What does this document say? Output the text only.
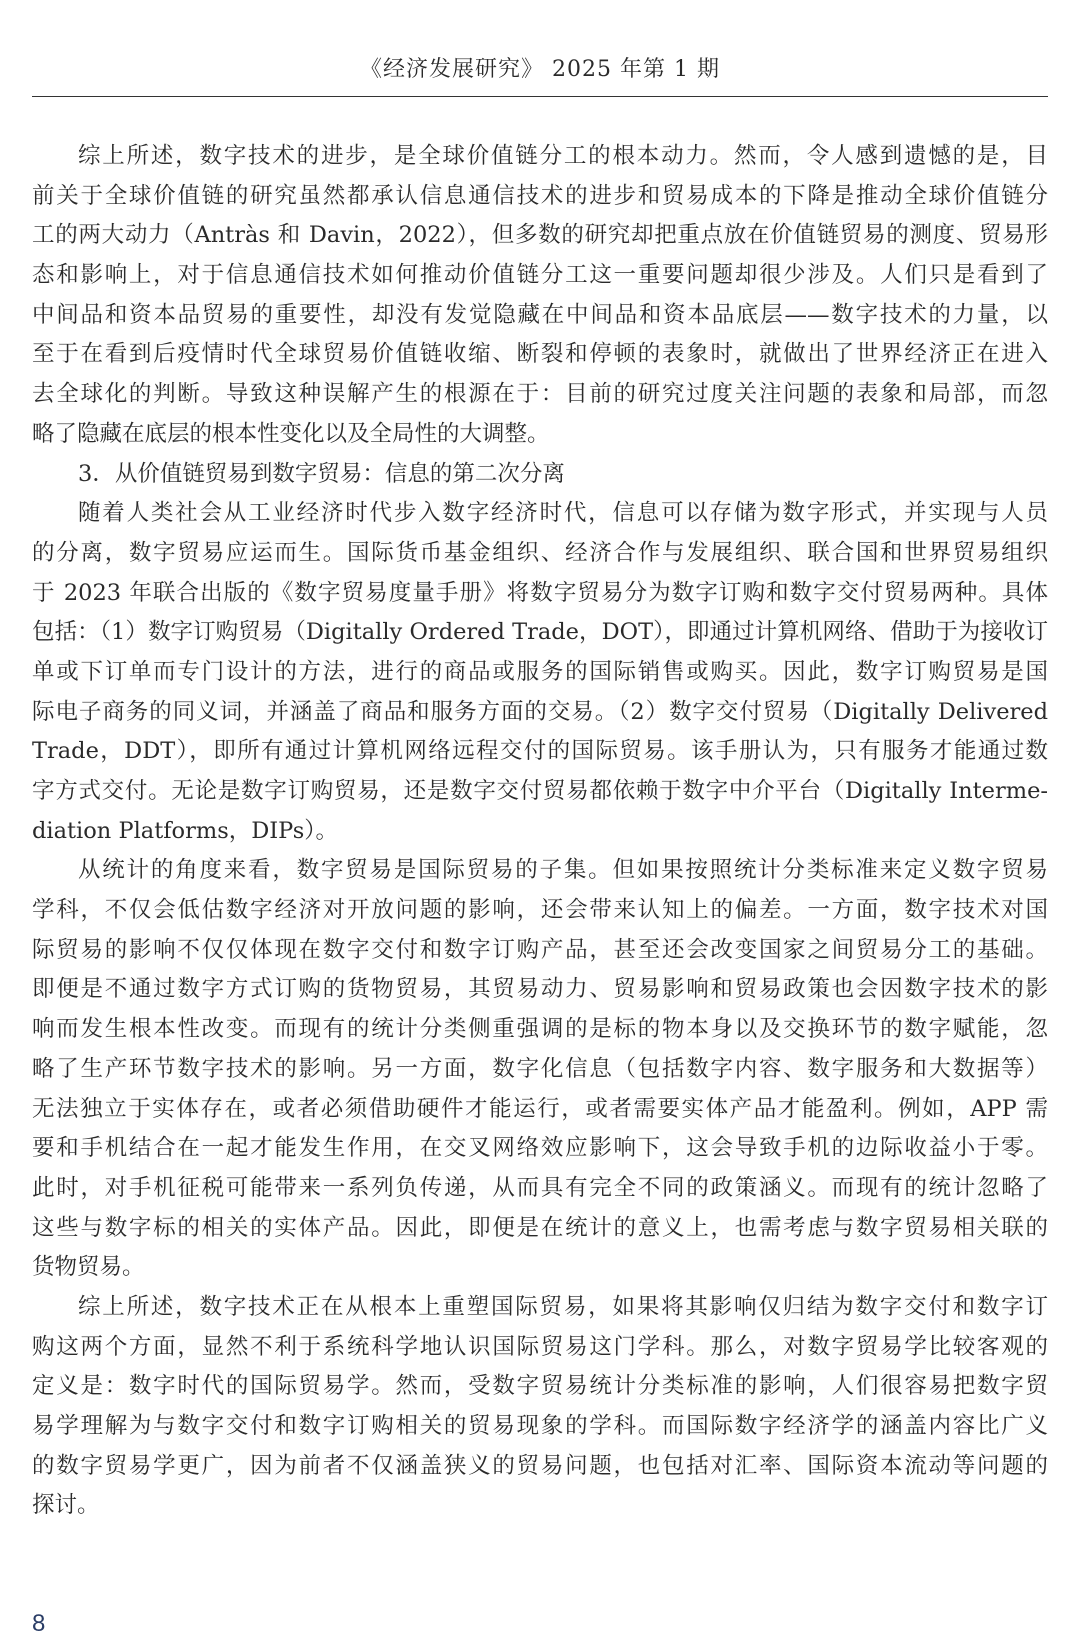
《经济发展研究》 2025 年第 1 期
综上所述，数字技术的进步，是全球价值链分工的根本动力。然而，令人感到遗憾的是，目
前关于全球价值链的研究虽然都承认信息通信技术的进步和贸易成本的下降是推动全球价值链分
工的两大动力（Antràs 和 Davin，2022），但多数的研究却把重点放在价值链贸易的测度、贸易形
态和影响上，对于信息通信技术如何推动价值链分工这一重要问题却很少涉及。人们只是看到了
中间品和资本品贸易的重要性，却没有发觉隐藏在中间品和资本品底层——数字技术的力量，以
至于在看到后疫情时代全球贸易价值链收缩、断裂和停顿的表象时，就做出了世界经济正在进入
去全球化的判断。导致这种误解产生的根源在于：目前的研究过度关注问题的表象和局部，而忽
略了隐藏在底层的根本性变化以及全局性的大调整。
3．从价值链贸易到数字贸易：信息的第二次分离
随着人类社会从工业经济时代步入数字经济时代，信息可以存储为数字形式，并实现与人员
的分离，数字贸易应运而生。国际货币基金组织、经济合作与发展组织、联合国和世界贸易组织
于 2023 年联合出版的《数字贸易度量手册》将数字贸易分为数字订购和数字交付贸易两种。具体
包括：（1）数字订购贸易（Digitally Ordered Trade，DOT），即通过计算机网络、借助于为接收订
单或下订单而专门设计的方法，进行的商品或服务的国际销售或购买。因此，数字订购贸易是国
际电子商务的同义词，并涵盖了商品和服务方面的交易。（2）数字交付贸易（Digitally Delivered
Trade，DDT），即所有通过计算机网络远程交付的国际贸易。该手册认为，只有服务才能通过数
字方式交付。无论是数字订购贸易，还是数字交付贸易都依赖于数字中介平台（Digitally Interme-
diation Platforms，DIPs）。
从统计的角度来看，数字贸易是国际贸易的子集。但如果按照统计分类标准来定义数字贸易
学科，不仅会低估数字经济对开放问题的影响，还会带来认知上的偏差。一方面，数字技术对国
际贸易的影响不仅仅体现在数字交付和数字订购产品，甚至还会改变国家之间贸易分工的基础。
即便是不通过数字方式订购的货物贸易，其贸易动力、贸易影响和贸易政策也会因数字技术的影
响而发生根本性改变。而现有的统计分类侧重强调的是标的物本身以及交换环节的数字赋能，忽
略了生产环节数字技术的影响。另一方面，数字化信息（包括数字内容、数字服务和大数据等）
无法独立于实体存在，或者必须借助硬件才能运行，或者需要实体产品才能盈利。例如，APP 需
要和手机结合在一起才能发生作用，在交叉网络效应影响下，这会导致手机的边际收益小于零。
此时，对手机征税可能带来一系列负传递，从而具有完全不同的政策涵义。而现有的统计忽略了
这些与数字标的相关的实体产品。因此，即便是在统计的意义上，也需考虑与数字贸易相关联的
货物贸易。
综上所述，数字技术正在从根本上重塑国际贸易，如果将其影响仅归结为数字交付和数字订
购这两个方面，显然不利于系统科学地认识国际贸易这门学科。那么，对数字贸易学比较客观的
定义是：数字时代的国际贸易学。然而，受数字贸易统计分类标准的影响，人们很容易把数字贸
易学理解为与数字交付和数字订购相关的贸易现象的学科。而国际数字经济学的涵盖内容比广义
的数字贸易学更广，因为前者不仅涵盖狭义的贸易问题，也包括对汇率、国际资本流动等问题的
探讨。
8
